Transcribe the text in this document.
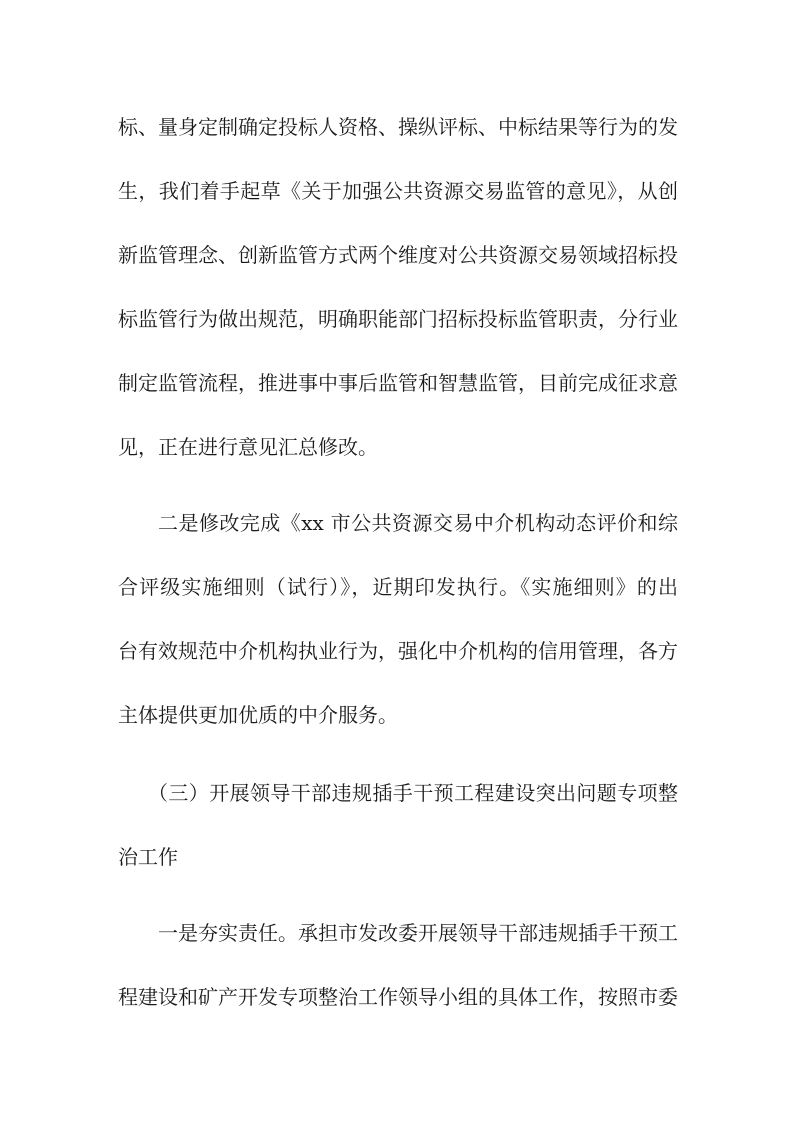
标、量身定制确定投标人资格、操纵评标、中标结果等行为的发
生，我们着手起草《关于加强公共资源交易监管的意见》，从创
新监管理念、创新监管方式两个维度对公共资源交易领域招标投
标监管行为做出规范，明确职能部门招标投标监管职责，分行业
制定监管流程，推进事中事后监管和智慧监管，目前完成征求意
见，正在进行意见汇总修改。
二是修改完成《xx 市公共资源交易中介机构动态评价和综
合评级实施细则（试行）》，近期印发执行。《实施细则》的出
台有效规范中介机构执业行为，强化中介机构的信用管理，各方
主体提供更加优质的中介服务。
（三）开展领导干部违规插手干预工程建设突出问题专项整
治工作
一是夯实责任。承担市发改委开展领导干部违规插手干预工
程建设和矿产开发专项整治工作领导小组的具体工作，按照市委
